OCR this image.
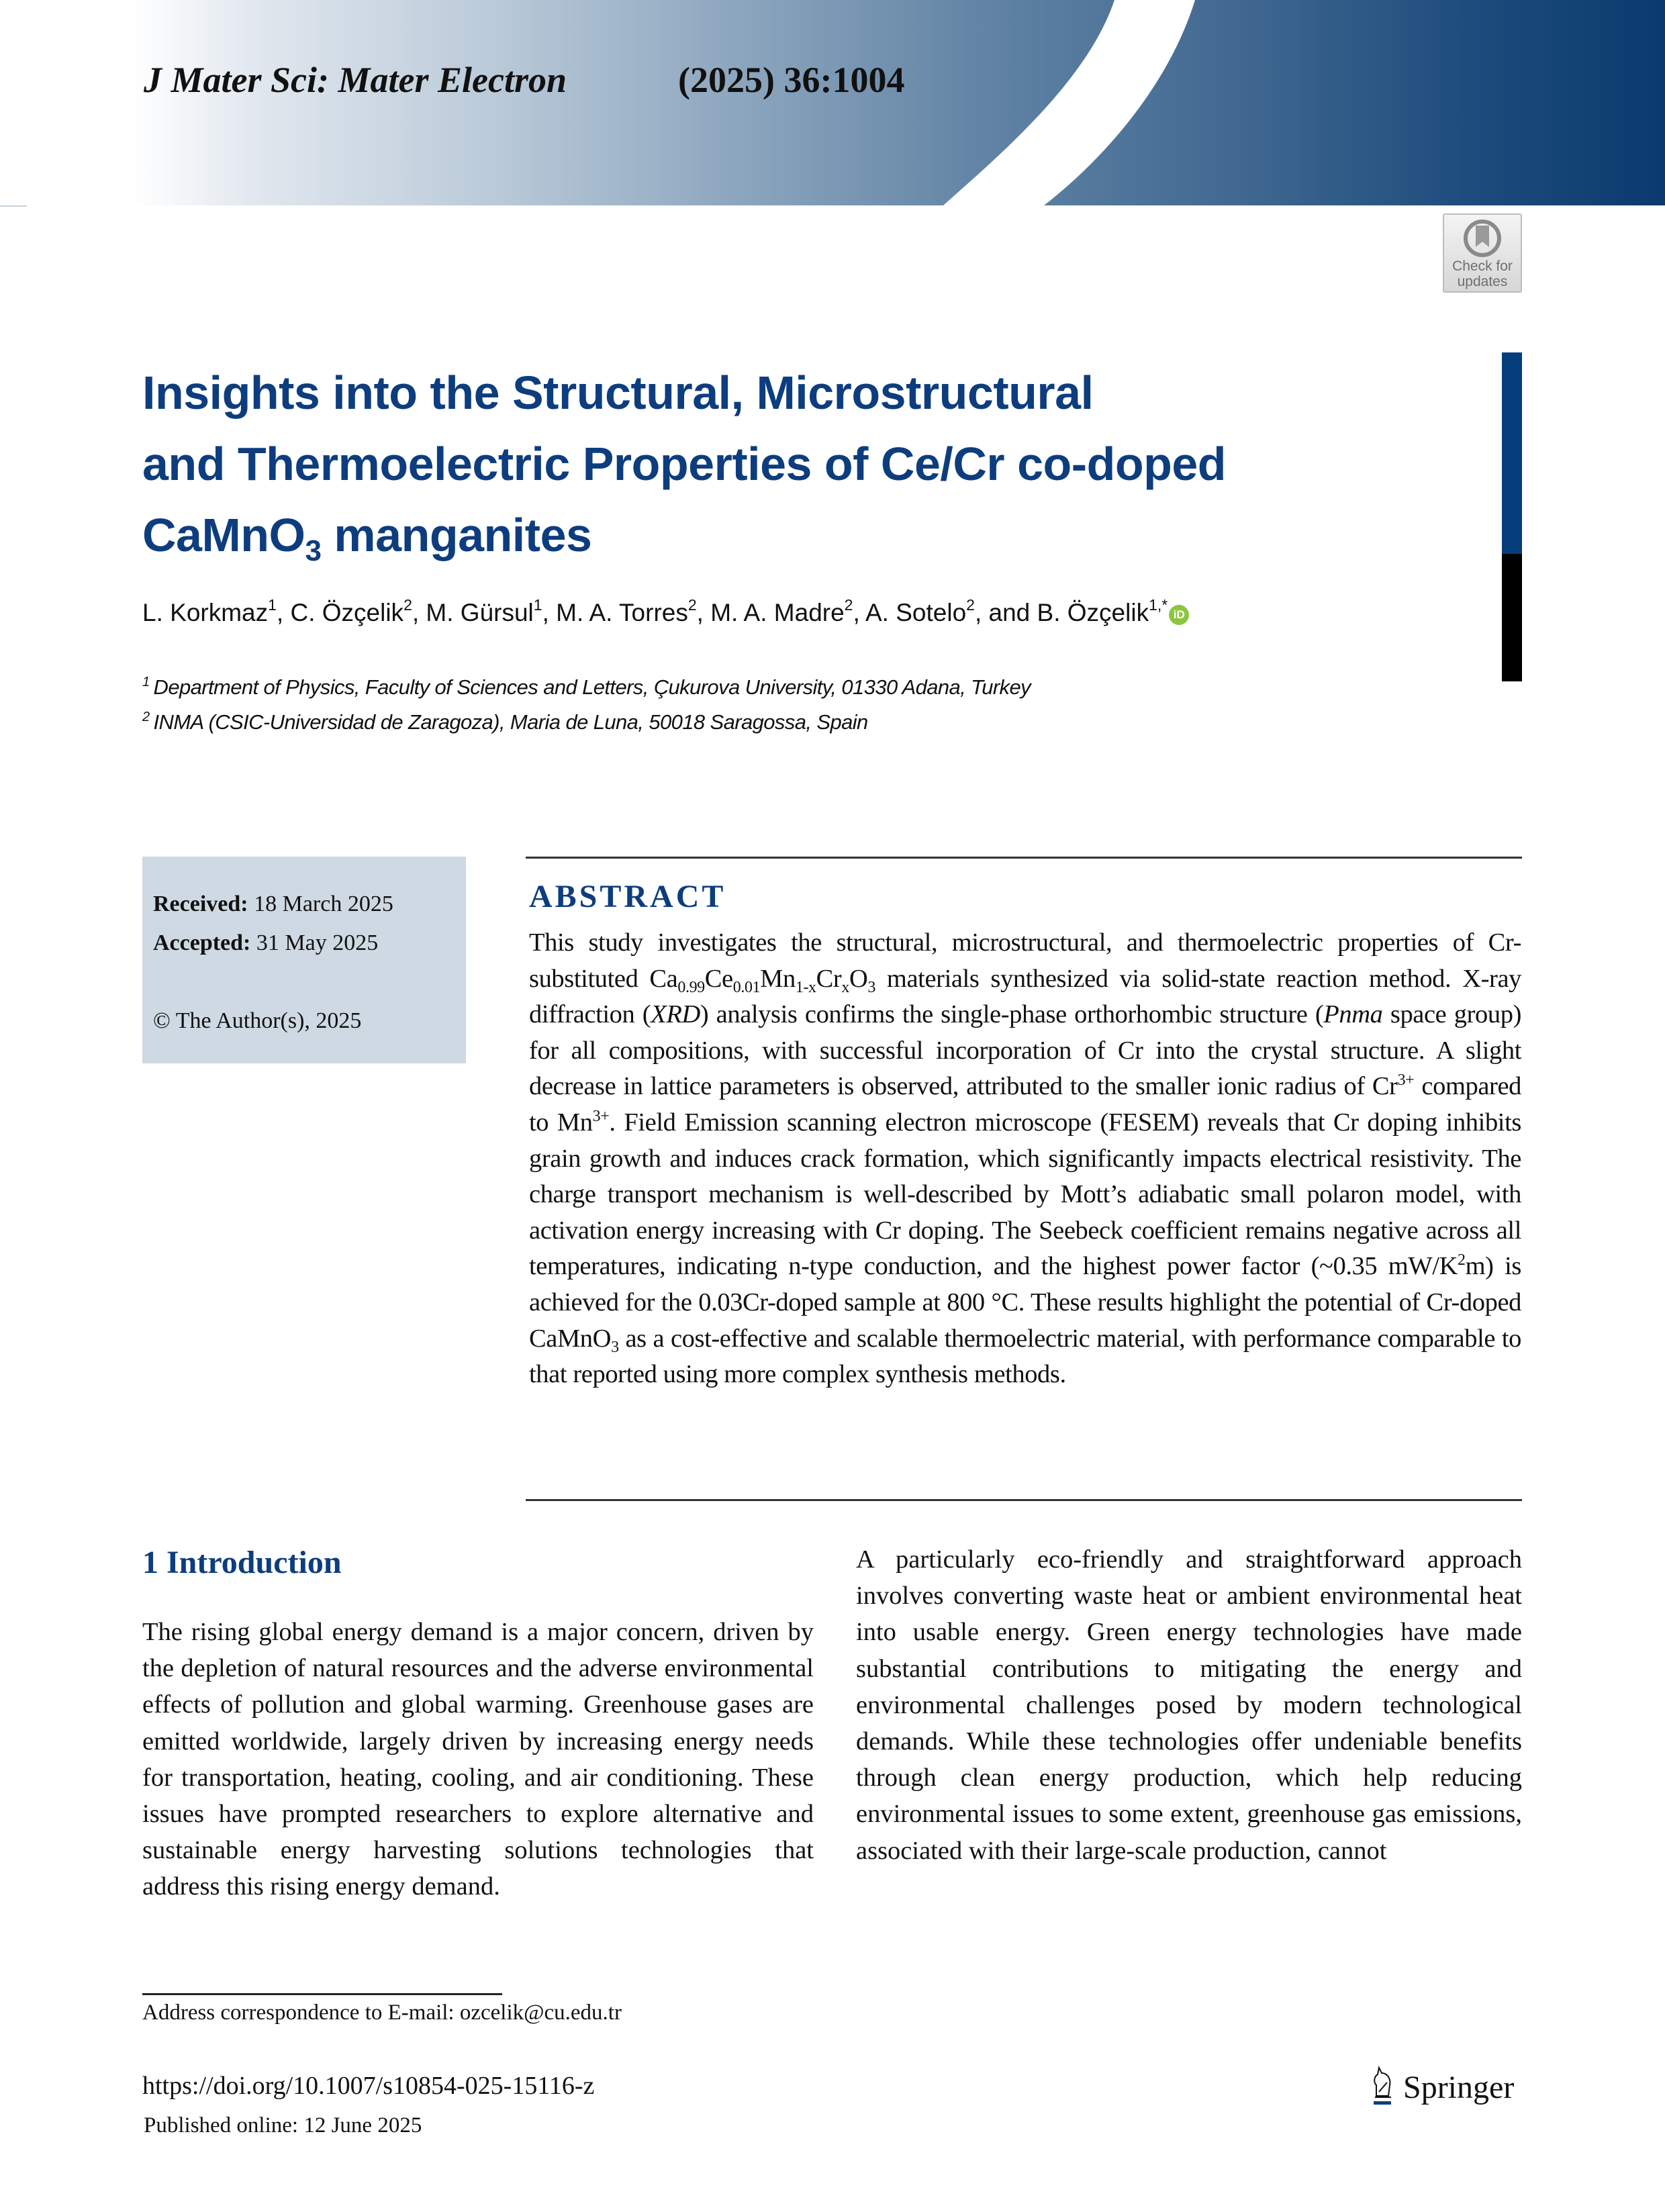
J Mater Sci: Mater Electron	(2025) 36:1004
Check for
updates
Insights into the Structural, Microstructural
and Thermoelectric Properties of Ce/Cr co-doped
CaMnO$_3$ manganites
L. Korkmaz$^1$, C. Özçelik$^2$, M. Gürsul$^1$, M. A. Torres$^2$, M. A. Madre$^2$, A. Sotelo$^2$, and B. Özçelik$^{1,*}$iD
$^1$ Department of Physics, Faculty of Sciences and Letters, Çukurova University, 01330 Adana, Turkey
$^2$ INMA (CSIC-Universidad de Zaragoza), Maria de Luna, 50018 Saragossa, Spain
Received: 18 March 2025
Accepted: 31 May 2025
© The Author(s), 2025
ABSTRACT

This study investigates the structural, microstructural, and thermoelectric properties of Cr-substituted $Ca_{0.99}Ce_{0.01}Mn_{1-x}Cr_xO_3$ materials synthesized via solid-state reaction method. X-ray diffraction (XRD) analysis confirms the single-phase orthorhombic structure (Pnma space group) for all compositions, with successful incorporation of Cr into the crystal structure. A slight decrease in lattice parameters is observed, attributed to the smaller ionic radius of $Cr^{3+}$ compared to $Mn^{3+}$. Field Emission scanning electron microscope (FESEM) reveals that Cr doping inhibits grain growth and induces crack formation, which significantly impacts electrical resistivity. The charge transport mechanism is well-described by Mott’s adiabatic small polaron model, with activation energy increasing with Cr doping. The Seebeck coefficient remains negative across all temperatures, indicating n-type conduction, and the highest power factor (~0.35 $mW/K^2m$) is achieved for the 0.03Cr-doped sample at 800 °C. These results highlight the potential of Cr-doped CaMnO$_3$ as a cost-effective and scalable thermoelectric material, with performance comparable to that reported using more complex synthesis methods.

1 Introduction

The rising global energy demand is a major concern, driven by the depletion of natural resources and the adverse environmental effects of pollution and global warming. Greenhouse gases are emitted worldwide, largely driven by increasing energy needs for transportation, heating, cooling, and air conditioning. These issues have prompted researchers to explore alternative and sustainable energy harvesting solutions technologies that address this rising energy demand.

A particularly eco-friendly and straightforward approach involves converting waste heat or ambient environmental heat into usable energy. Green energy technologies have made substantial contributions to mitigating the energy and environmental challenges posed by modern technological demands. While these technologies offer undeniable benefits through clean energy production, which help reducing environmental issues to some extent, greenhouse gas emissions, associated with their large-scale production, cannot

Address correspondence to E-mail: ozcelik@cu.edu.tr
https://doi.org/10.1007/s10854-025-15116-z
Published online: 12 June 2025
Springer
